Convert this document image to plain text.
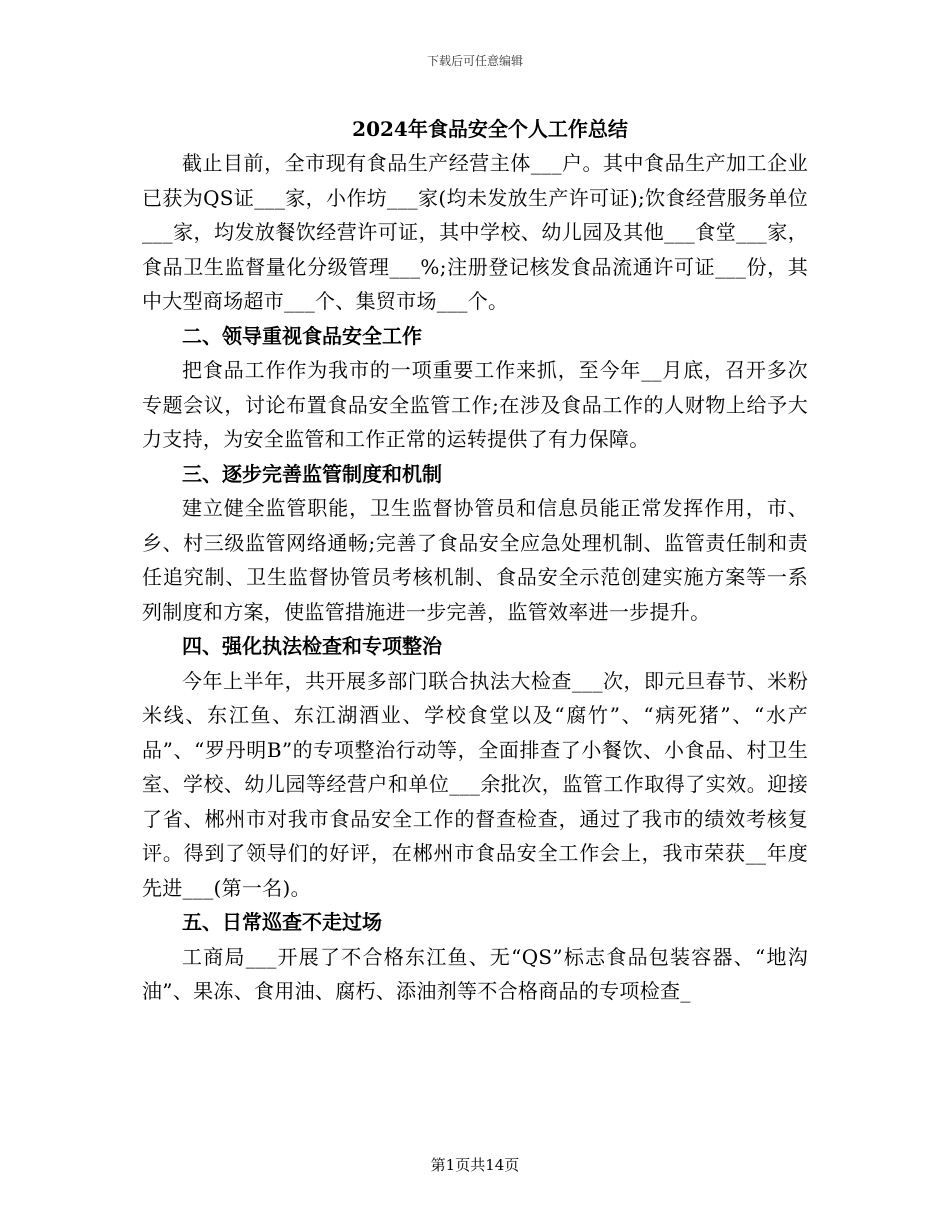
下载后可任意编辑
2024年食品安全个人工作总结

截止目前，全市现有食品生产经营主体___户。其中食品生产加工企业已获为QS证___家，小作坊___家(均未发放生产许可证);饮食经营服务单位___家，均发放餐饮经营许可证，其中学校、幼儿园及其他___食堂___家，食品卫生监督量化分级管理___%;注册登记核发食品流通许可证___份，其中大型商场超市___个、集贸市场___个。

二、领导重视食品安全工作

把食品工作作为我市的一项重要工作来抓，至今年__月底，召开多次专题会议，讨论布置食品安全监管工作;在涉及食品工作的人财物上给予大力支持，为安全监管和工作正常的运转提供了有力保障。

三、逐步完善监管制度和机制

建立健全监管职能，卫生监督协管员和信息员能正常发挥作用，市、乡、村三级监管网络通畅;完善了食品安全应急处理机制、监管责任制和责任追究制、卫生监督协管员考核机制、食品安全示范创建实施方案等一系列制度和方案，使监管措施进一步完善，监管效率进一步提升。

四、强化执法检查和专项整治

今年上半年，共开展多部门联合执法大检查___次，即元旦春节、米粉米线、东江鱼、东江湖酒业、学校食堂以及“腐竹”、“病死猪”、“水产品”、“罗丹明B”的专项整治行动等，全面排查了小餐饮、小食品、村卫生室、学校、幼儿园等经营户和单位___余批次，监管工作取得了实效。迎接了省、郴州市对我市食品安全工作的督查检查，通过了我市的绩效考核复评。得到了领导们的好评，在郴州市食品安全工作会上，我市荣获__年度先进___(第一名)。

五、日常巡查不走过场

工商局___开展了不合格东江鱼、无“QS”标志食品包装容器、“地沟油”、果冻、食用油、腐朽、添油剂等不合格商品的专项检查_

第1页共14页
